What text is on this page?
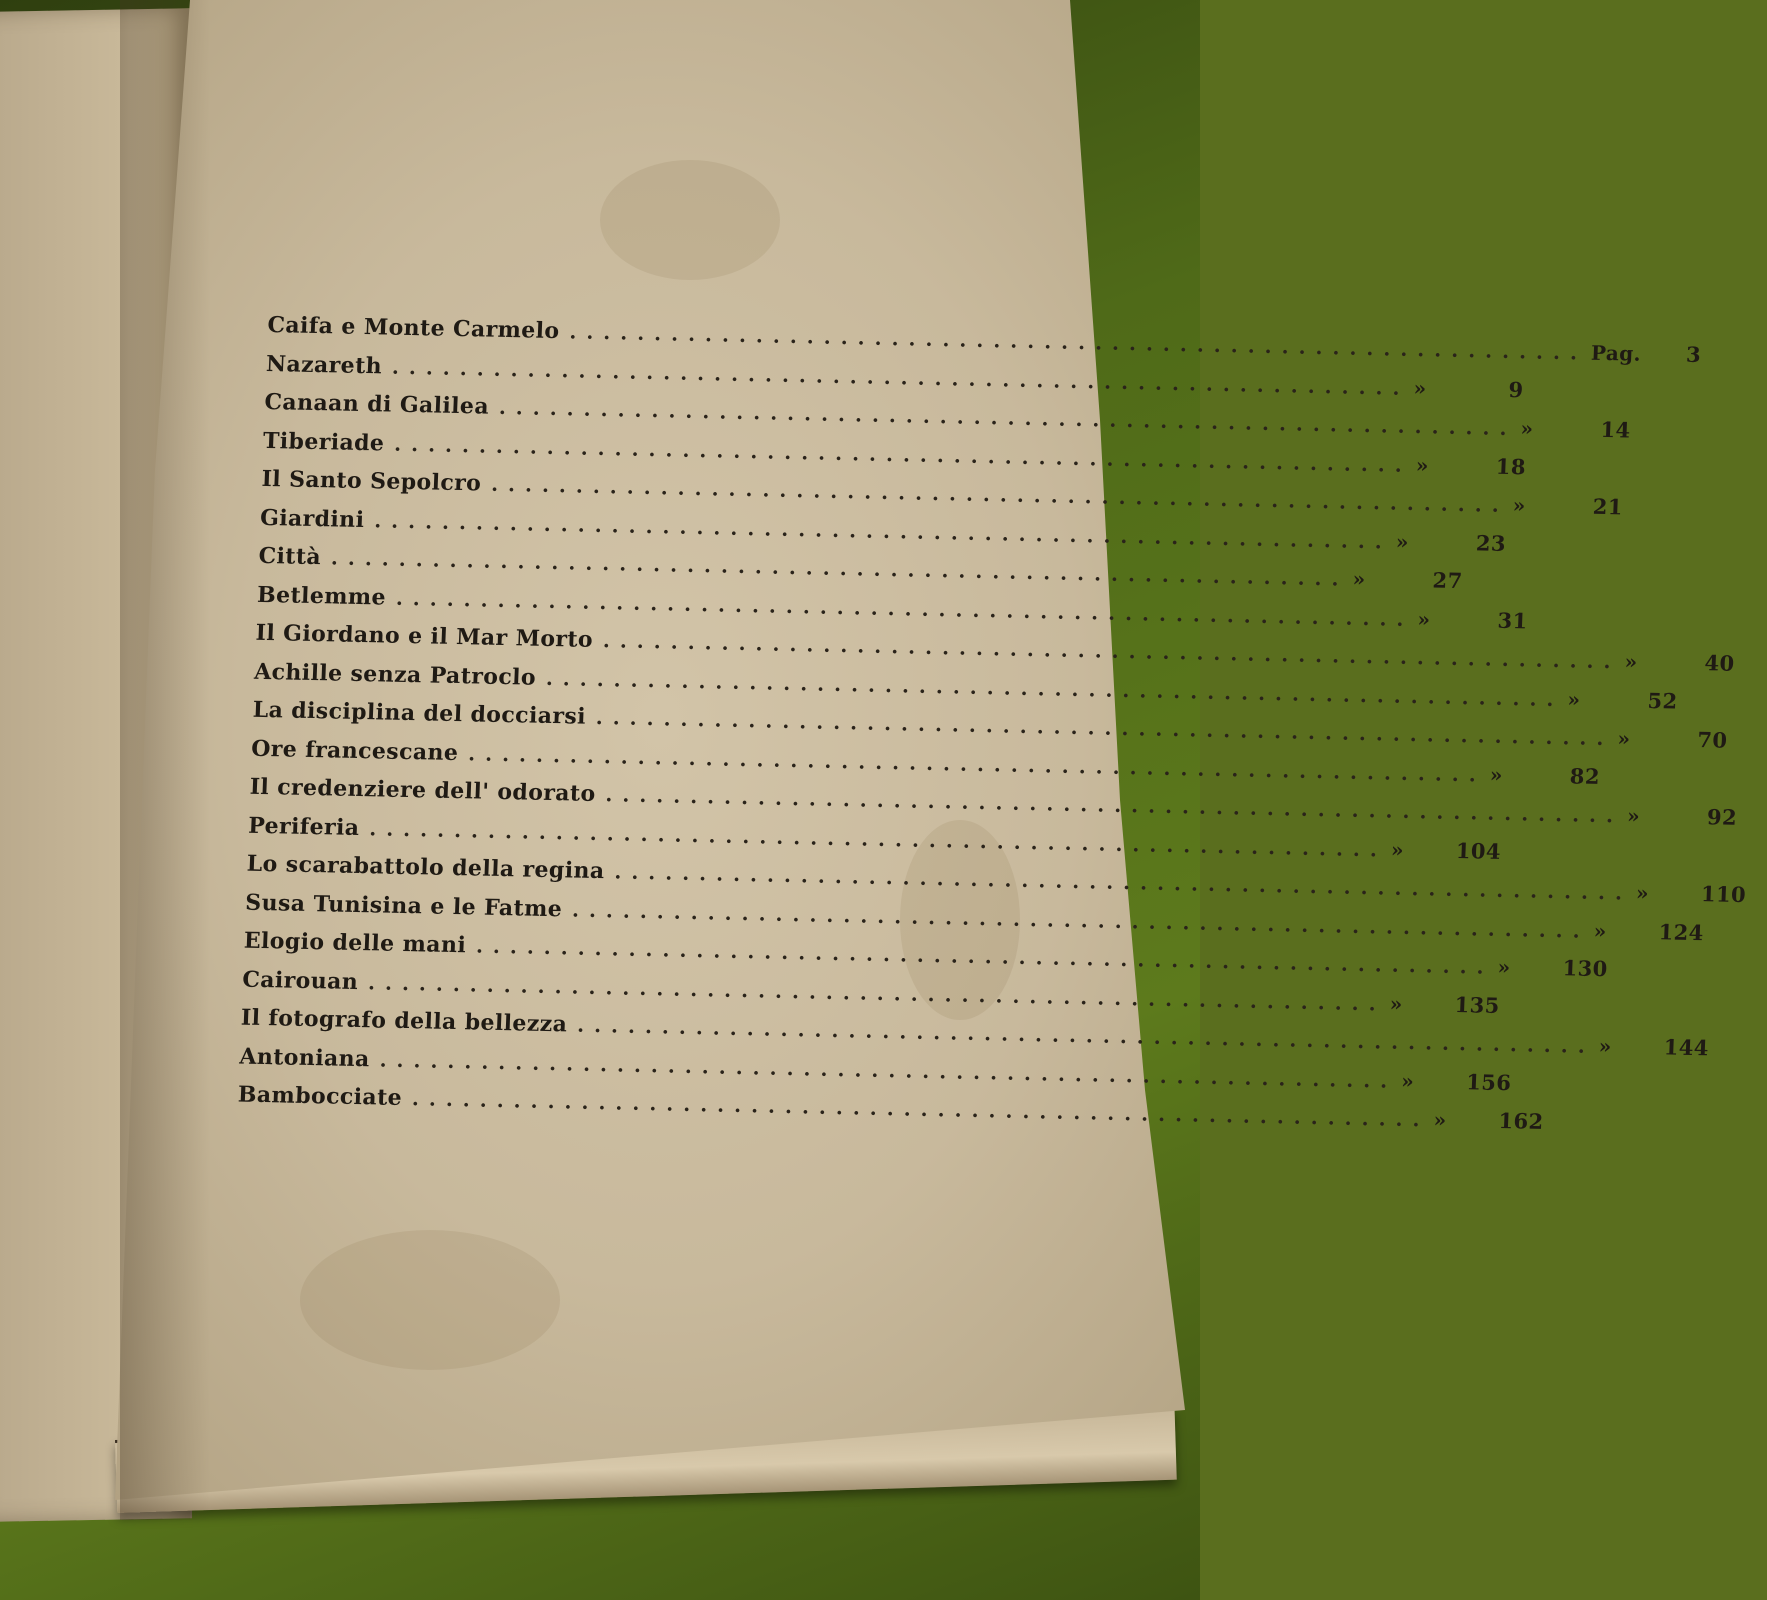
Caifa e Monte Carmelo ............................................................ Pag.	3
Nazareth ............................................................ »	9
Canaan di Galilea ............................................................ »	14
Tiberiade ............................................................ »	18
Il Santo Sepolcro ............................................................ »	21
Giardini ............................................................ »	23
Città ............................................................ »	27
Betlemme ............................................................ »	31
Il Giordano e il Mar Morto ............................................................ »	40
Achille senza Patroclo ............................................................ »	52
La disciplina del docciarsi ............................................................ »	70
Ore francescane ............................................................ »	82
Il credenziere dell' odorato ............................................................ »	92
Periferia ............................................................ »	104
Lo scarabattolo della regina ............................................................ »	110
Susa Tunisina e le Fatme ............................................................ »	124
Elogio delle mani ............................................................ »	130
Cairouan ............................................................ »	135
Il fotografo della bellezza ............................................................ »	144
Antoniana ............................................................ »	156
Bambocciate ............................................................ »	162
